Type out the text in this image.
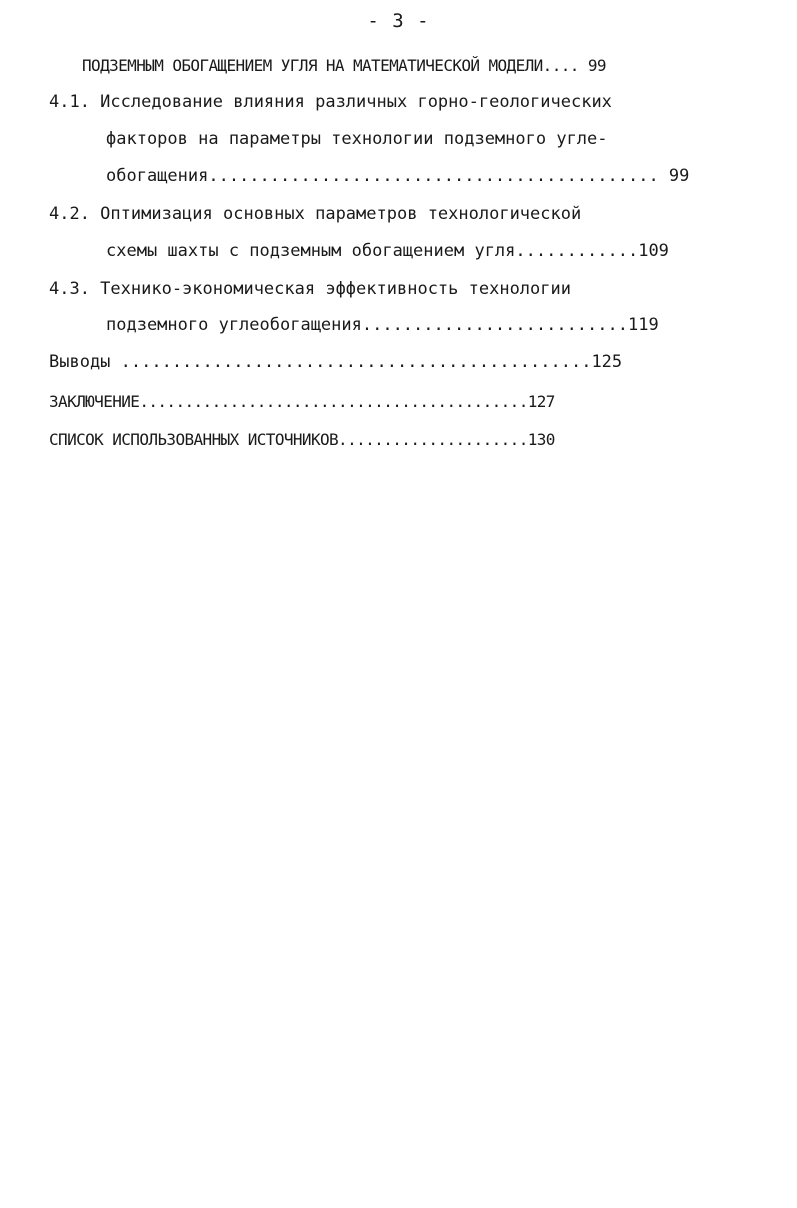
- 3 -
ПОДЗЕМНЫМ ОБОГАЩЕНИЕМ УГЛЯ НА МАТЕМАТИЧЕСКОЙ МОДЕЛИ.... 99
4.1. Исследование влияния различных горно-геологических
факторов на параметры технологии подземного угле-
обогащения............................................ 99
4.2. Оптимизация основных параметров технологической
схемы шахты с подземным обогащением угля............109
4.3. Технико-экономическая эффективность технологии
подземного углеобогащения..........................119
Выводы ..............................................125
ЗАКЛЮЧЕНИЕ...........................................127
СПИСОК ИСПОЛЬЗОВАННЫХ ИСТОЧНИКОВ.....................130
